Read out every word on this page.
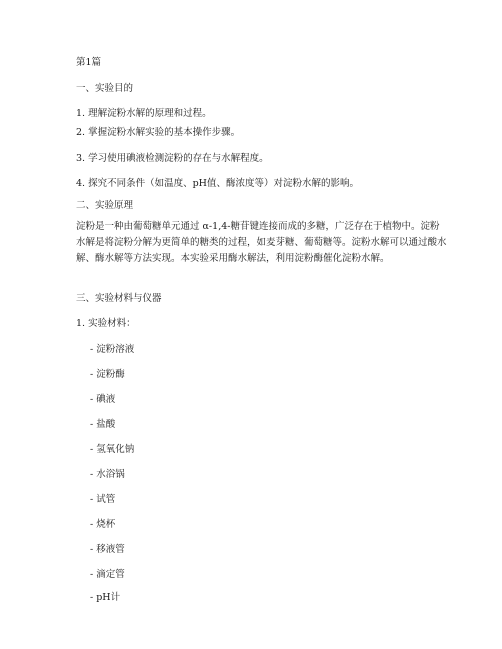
第1篇
一、实验目的
1. 理解淀粉水解的原理和过程。
2. 掌握淀粉水解实验的基本操作步骤。
3. 学习使用碘液检测淀粉的存在与水解程度。
4. 探究不同条件（如温度、pH值、酶浓度等）对淀粉水解的影响。
二、实验原理
淀粉是一种由葡萄糖单元通过 α-1,4-糖苷键连接而成的多糖，广泛存在于植物中。淀粉水解是将淀粉分解为更简单的糖类的过程，如麦芽糖、葡萄糖等。淀粉水解可以通过酸水解、酶水解等方法实现。本实验采用酶水解法，利用淀粉酶催化淀粉水解。
三、实验材料与仪器
1. 实验材料：
- 淀粉溶液
- 淀粉酶
- 碘液
- 盐酸
- 氢氧化钠
- 水浴锅
- 试管
- 烧杯
- 移液管
- 滴定管
- pH计
